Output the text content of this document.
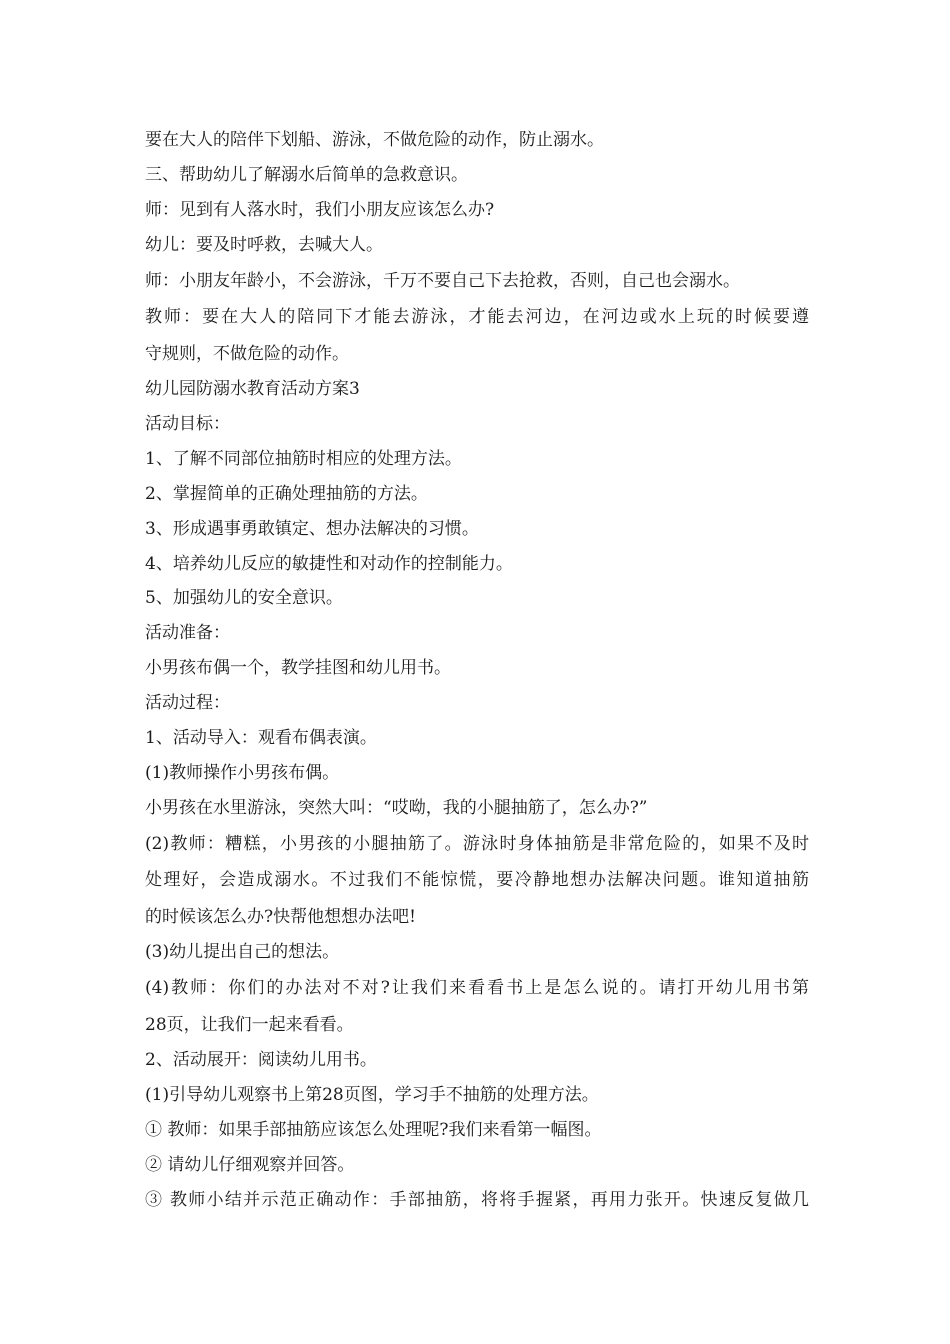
要在大人的陪伴下划船、游泳，不做危险的动作，防止溺水。
三、帮助幼儿了解溺水后简单的急救意识。
师：见到有人落水时，我们小朋友应该怎么办?
幼儿：要及时呼救，去喊大人。
师：小朋友年龄小，不会游泳，千万不要自己下去抢救，否则，自己也会溺水。
教师：要在大人的陪同下才能去游泳，才能去河边，在河边或水上玩的时候要遵
守规则，不做危险的动作。
幼儿园防溺水教育活动方案3
活动目标：
1、了解不同部位抽筋时相应的处理方法。
2、掌握简单的正确处理抽筋的方法。
3、形成遇事勇敢镇定、想办法解决的习惯。
4、培养幼儿反应的敏捷性和对动作的控制能力。
5、加强幼儿的安全意识。
活动准备：
小男孩布偶一个，教学挂图和幼儿用书。
活动过程：
1、活动导入：观看布偶表演。
(1)教师操作小男孩布偶。
小男孩在水里游泳，突然大叫：“哎呦，我的小腿抽筋了，怎么办?”
(2)教师：糟糕，小男孩的小腿抽筋了。游泳时身体抽筋是非常危险的，如果不及时
处理好，会造成溺水。不过我们不能惊慌，要冷静地想办法解决问题。谁知道抽筋
的时候该怎么办?快帮他想想办法吧!
(3)幼儿提出自己的想法。
(4)教师：你们的办法对不对?让我们来看看书上是怎么说的。请打开幼儿用书第
28页，让我们一起来看看。
2、活动展开：阅读幼儿用书。
(1)引导幼儿观察书上第28页图，学习手不抽筋的处理方法。
① 教师：如果手部抽筋应该怎么处理呢?我们来看第一幅图。
② 请幼儿仔细观察并回答。
③ 教师小结并示范正确动作：手部抽筋，将将手握紧，再用力张开。快速反复做几
